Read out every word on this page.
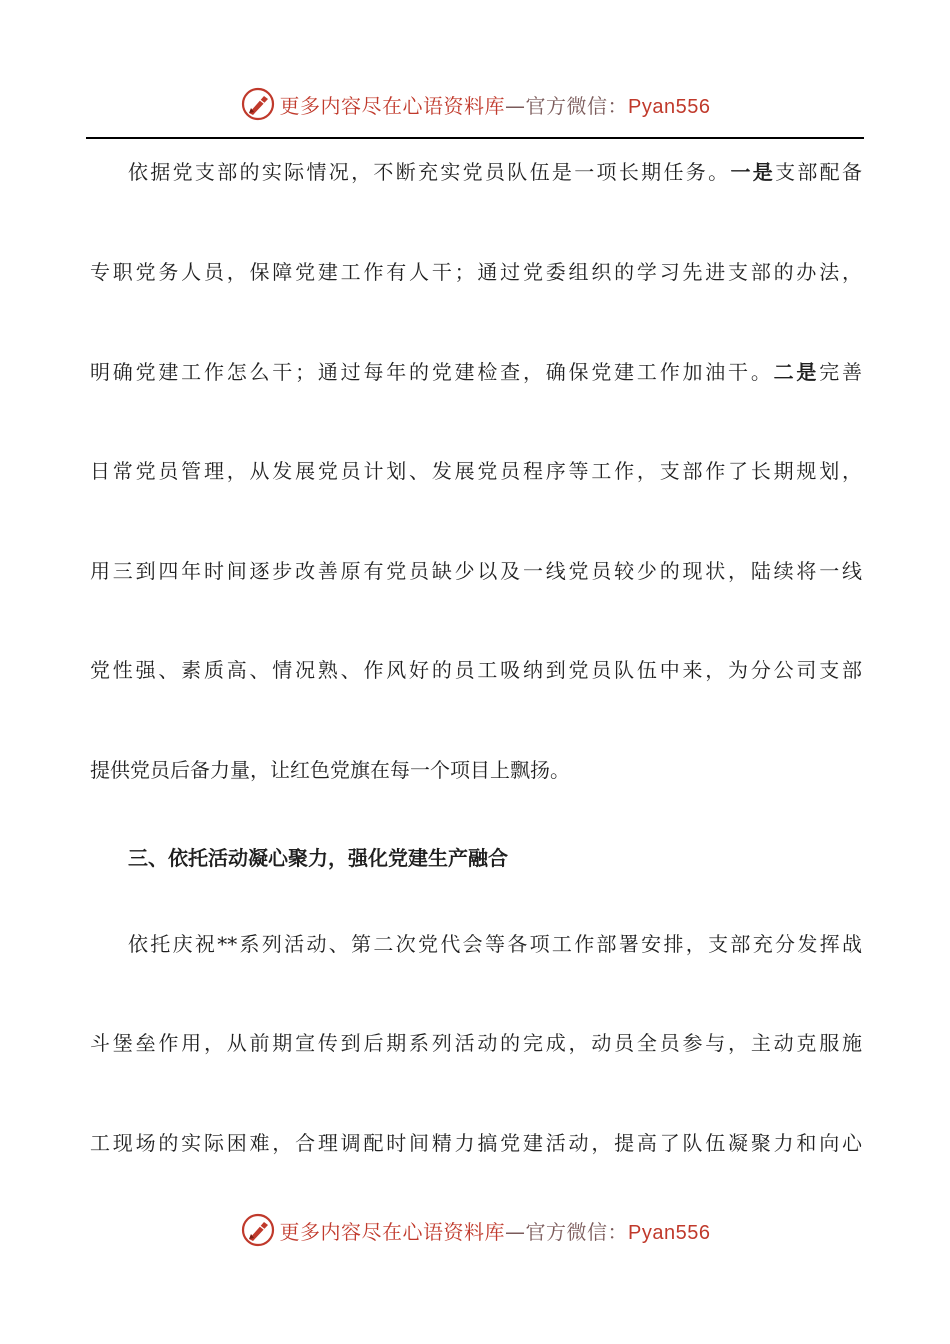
更多内容尽在心语资料库—官方微信：Pyan556
依据党支部的实际情况，不断充实党员队伍是一项长期任务。一是支部配备
专职党务人员，保障党建工作有人干；通过党委组织的学习先进支部的办法，
明确党建工作怎么干；通过每年的党建检查，确保党建工作加油干。二是完善
日常党员管理，从发展党员计划、发展党员程序等工作，支部作了长期规划，
用三到四年时间逐步改善原有党员缺少以及一线党员较少的现状，陆续将一线
党性强、素质高、情况熟、作风好的员工吸纳到党员队伍中来，为分公司支部
提供党员后备力量，让红色党旗在每一个项目上飘扬。
三、依托活动凝心聚力，强化党建生产融合
依托庆祝**系列活动、第二次党代会等各项工作部署安排，支部充分发挥战
斗堡垒作用，从前期宣传到后期系列活动的完成，动员全员参与，主动克服施
工现场的实际困难，合理调配时间精力搞党建活动，提高了队伍凝聚力和向心
更多内容尽在心语资料库—官方微信：Pyan556
